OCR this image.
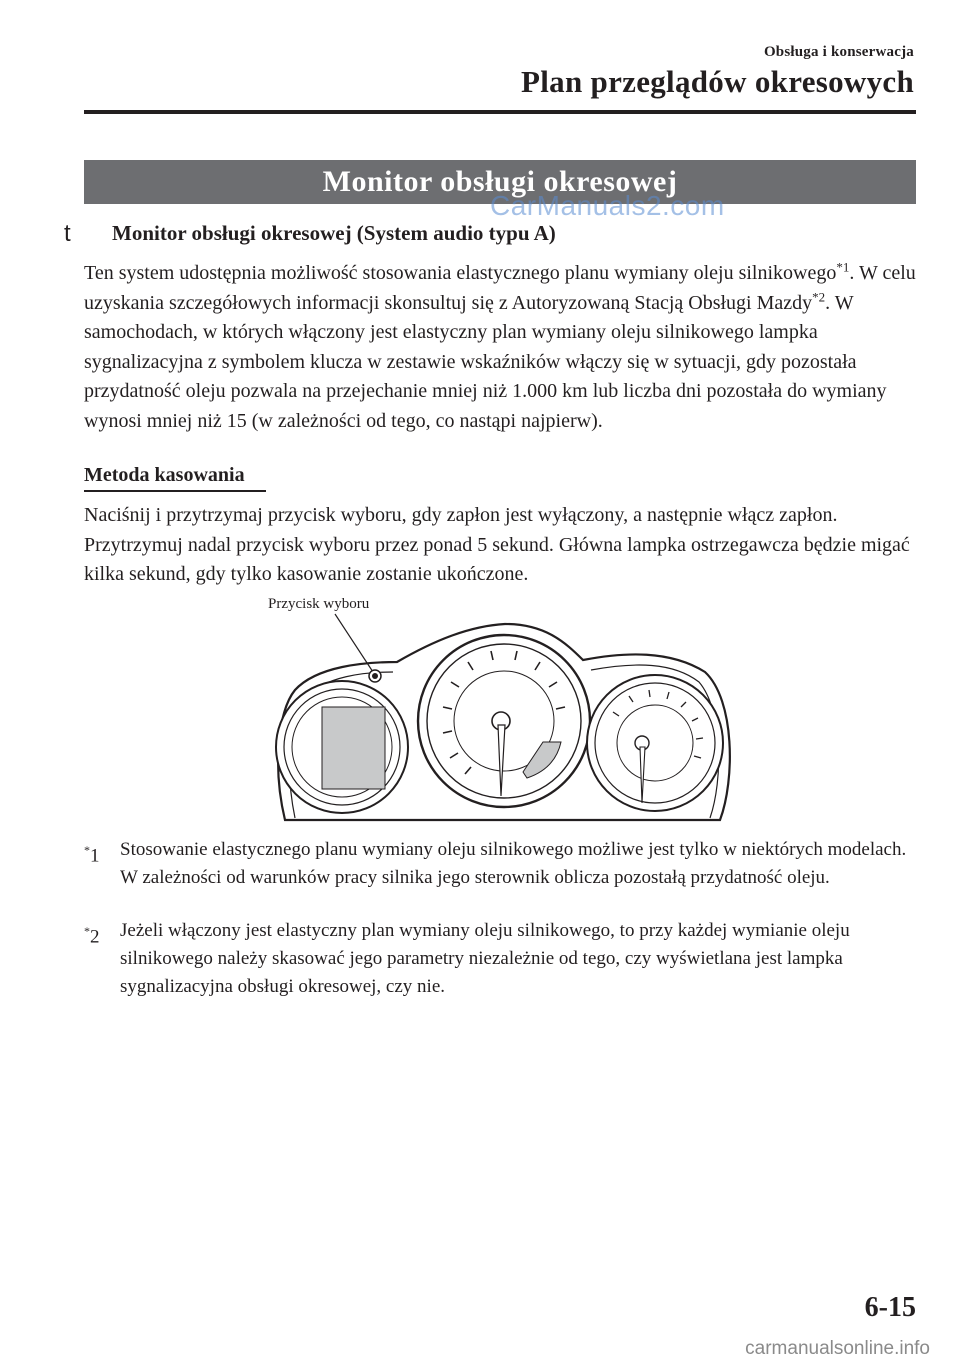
Obsługa i konserwacja
Plan przeglądów okresowych
Monitor obsługi okresowej
CarManuals2.com
t Monitor obsługi okresowej (System audio typu A)
Ten system udostępnia możliwość stosowania elastycznego planu wymiany oleju silnikowego$^{*1}$. W celu uzyskania szczegółowych informacji skonsultuj się z Autoryzowaną Stacją Obsługi Mazdy$^{*2}$. W samochodach, w których włączony jest elastyczny plan wymiany oleju silnikowego lampka sygnalizacyjna z symbolem klucza w zestawie wskaźników włączy się w sytuacji, gdy pozostała przydatność oleju pozwala na przejechanie mniej niż 1.000 km lub liczba dni pozostała do wymiany wynosi mniej niż 15 (w zależności od tego, co nastąpi najpierw).
Metoda kasowania
Naciśnij i przytrzymaj przycisk wyboru, gdy zapłon jest wyłączony, a następnie włącz zapłon. Przytrzymuj nadal przycisk wyboru przez ponad 5 sekund. Główna lampka ostrzegawcza będzie migać kilka sekund, gdy tylko kasowanie zostanie ukończone.
Przycisk wyboru
*1 Stosowanie elastycznego planu wymiany oleju silnikowego możliwe jest tylko w niektórych modelach. W zależności od warunków pracy silnika jego sterownik oblicza pozostałą przydatność oleju.
*2 Jeżeli włączony jest elastyczny plan wymiany oleju silnikowego, to przy każdej wymianie oleju silnikowego należy skasować jego parametry niezależnie od tego, czy wyświetlana jest lampka sygnalizacyjna obsługi okresowej, czy nie.
6-15
carmanualsonline.info
